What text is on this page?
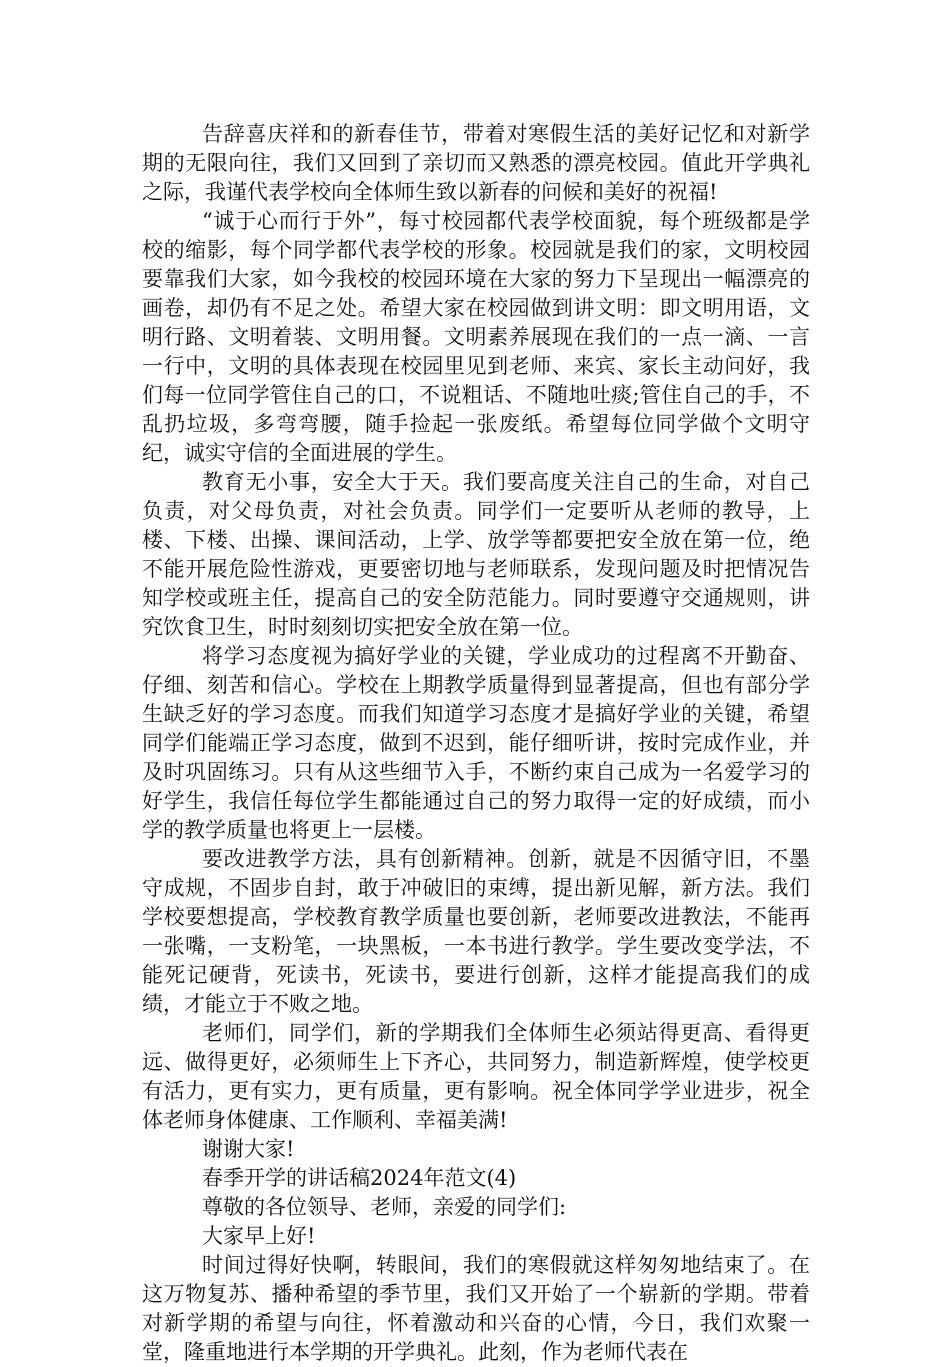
告辞喜庆祥和的新春佳节，带着对寒假生活的美好记忆和对新学期的无限向往，我们又回到了亲切而又熟悉的漂亮校园。值此开学典礼之际，我谨代表学校向全体师生致以新春的问候和美好的祝福!

“诚于心而行于外”，每寸校园都代表学校面貌，每个班级都是学校的缩影，每个同学都代表学校的形象。校园就是我们的家，文明校园要靠我们大家，如今我校的校园环境在大家的努力下呈现出一幅漂亮的画卷，却仍有不足之处。希望大家在校园做到讲文明：即文明用语，文明行路、文明着装、文明用餐。文明素养展现在我们的一点一滴、一言一行中，文明的具体表现在校园里见到老师、来宾、家长主动问好，我们每一位同学管住自己的口，不说粗话、不随地吐痰;管住自己的手，不乱扔垃圾，多弯弯腰，随手捡起一张废纸。希望每位同学做个文明守纪，诚实守信的全面进展的学生。

教育无小事，安全大于天。我们要高度关注自己的生命，对自己负责，对父母负责，对社会负责。同学们一定要听从老师的教导，上楼、下楼、出操、课间活动，上学、放学等都要把安全放在第一位，绝不能开展危险性游戏，更要密切地与老师联系，发现问题及时把情况告知学校或班主任，提高自己的安全防范能力。同时要遵守交通规则，讲究饮食卫生，时时刻刻切实把安全放在第一位。

将学习态度视为搞好学业的关键，学业成功的过程离不开勤奋、仔细、刻苦和信心。学校在上期教学质量得到显著提高，但也有部分学生缺乏好的学习态度。而我们知道学习态度才是搞好学业的关键，希望同学们能端正学习态度，做到不迟到，能仔细听讲，按时完成作业，并及时巩固练习。只有从这些细节入手，不断约束自己成为一名爱学习的好学生，我信任每位学生都能通过自己的努力取得一定的好成绩，而小学的教学质量也将更上一层楼。

要改进教学方法，具有创新精神。创新，就是不因循守旧，不墨守成规，不固步自封，敢于冲破旧的束缚，提出新见解，新方法。我们学校要想提高，学校教育教学质量也要创新，老师要改进教法，不能再一张嘴，一支粉笔，一块黑板，一本书进行教学。学生要改变学法，不能死记硬背，死读书，死读书，要进行创新，这样才能提高我们的成绩，才能立于不败之地。

老师们，同学们，新的学期我们全体师生必须站得更高、看得更远、做得更好，必须师生上下齐心，共同努力，制造新辉煌，使学校更有活力，更有实力，更有质量，更有影响。祝全体同学学业进步，祝全体老师身体健康、工作顺利、幸福美满!

谢谢大家!

春季开学的讲话稿2024年范文(4)

尊敬的各位领导、老师，亲爱的同学们:

大家早上好!

时间过得好快啊，转眼间，我们的寒假就这样匆匆地结束了。在这万物复苏、播种希望的季节里，我们又开始了一个崭新的学期。带着对新学期的希望与向往，怀着激动和兴奋的心情，今日，我们欢聚一堂，隆重地进行本学期的开学典礼。此刻，作为老师代表在
